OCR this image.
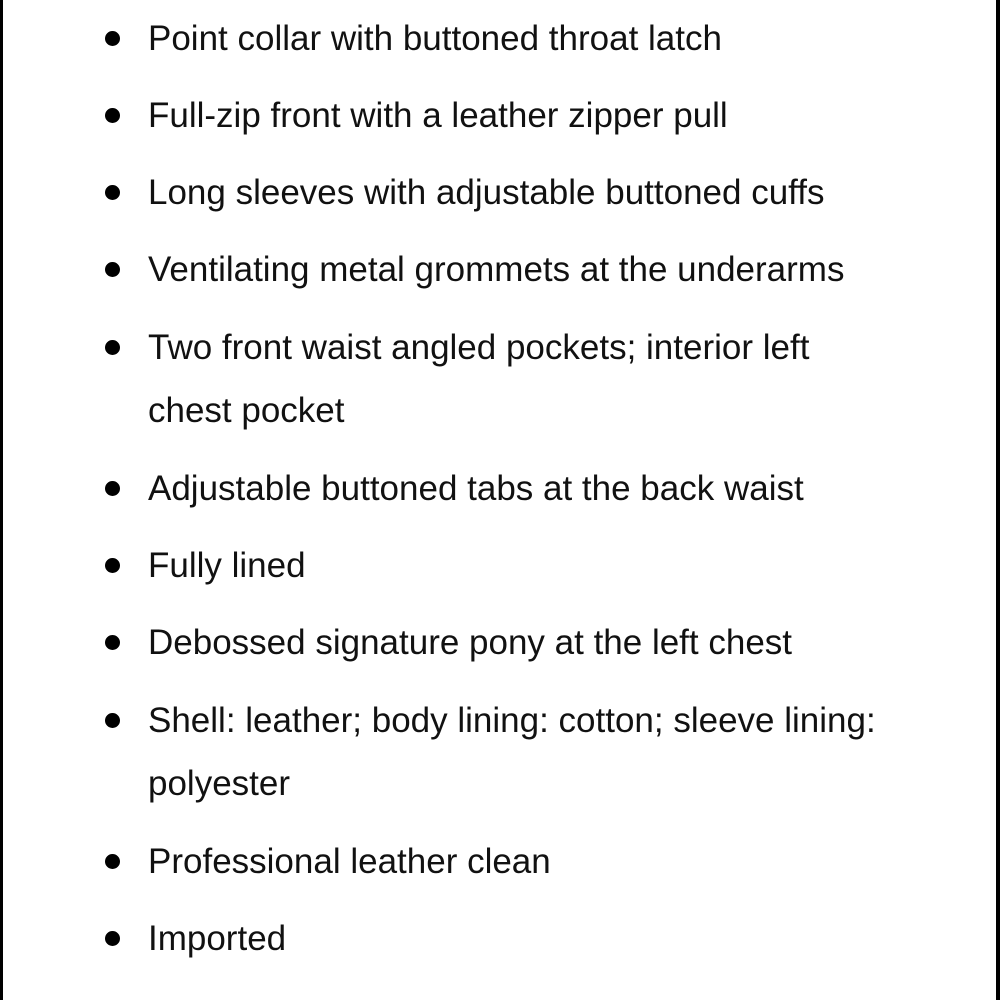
Point collar with buttoned throat latch
Full-zip front with a leather zipper pull
Long sleeves with adjustable buttoned cuffs
Ventilating metal grommets at the underarms
Two front waist angled pockets; interior left chest pocket
Adjustable buttoned tabs at the back waist
Fully lined
Debossed signature pony at the left chest
Shell: leather; body lining: cotton; sleeve lining: polyester
Professional leather clean
Imported
